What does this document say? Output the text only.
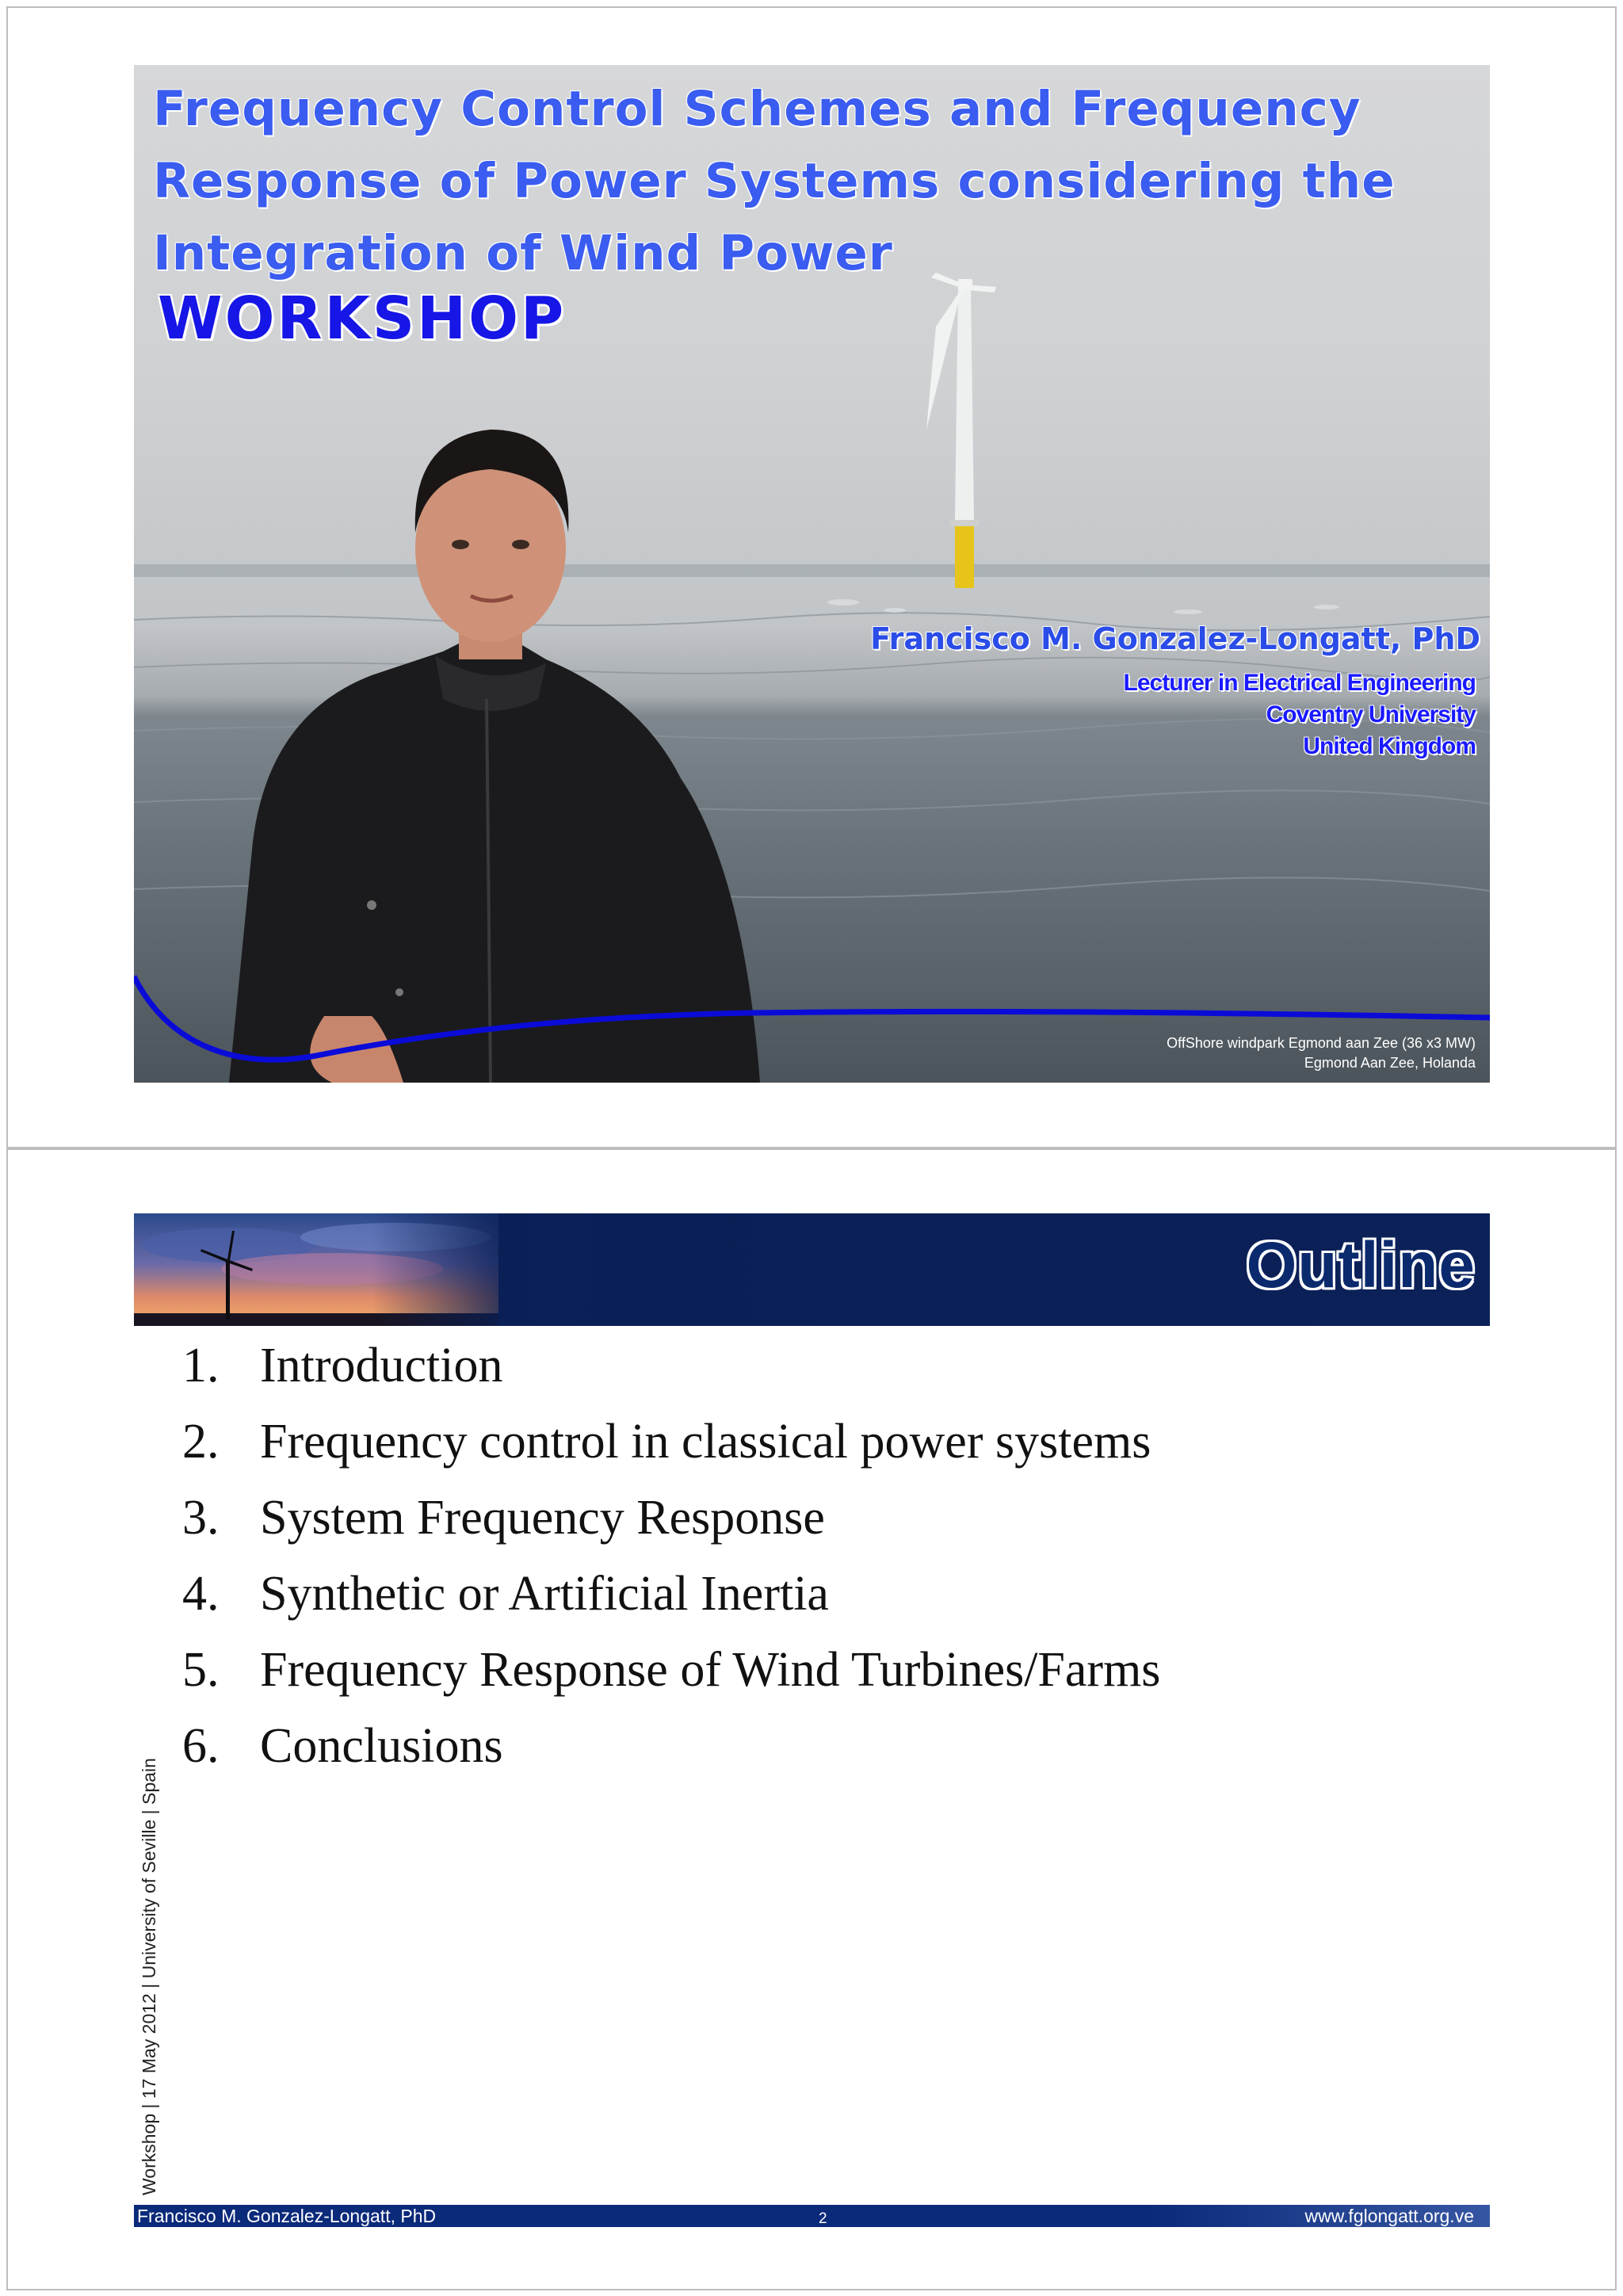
Frequency Control Schemes and Frequency
Response of Power Systems considering the
Integration of Wind Power
WORKSHOP
Francisco M. Gonzalez-Longatt, PhD
Lecturer in Electrical Engineering
Coventry University
United Kingdom
OffShore windpark Egmond aan Zee (36 x3 MW)
Egmond Aan Zee, Holanda
Outline
1. Introduction
2. Frequency control in classical power systems
3. System Frequency Response
4. Synthetic or Artificial Inertia
5. Frequency Response of Wind Turbines/Farms
6. Conclusions
Workshop | 17 May 2012 | University of Seville | Spain
Francisco M. Gonzalez-Longatt, PhD	2	www.fglongatt.org.ve
